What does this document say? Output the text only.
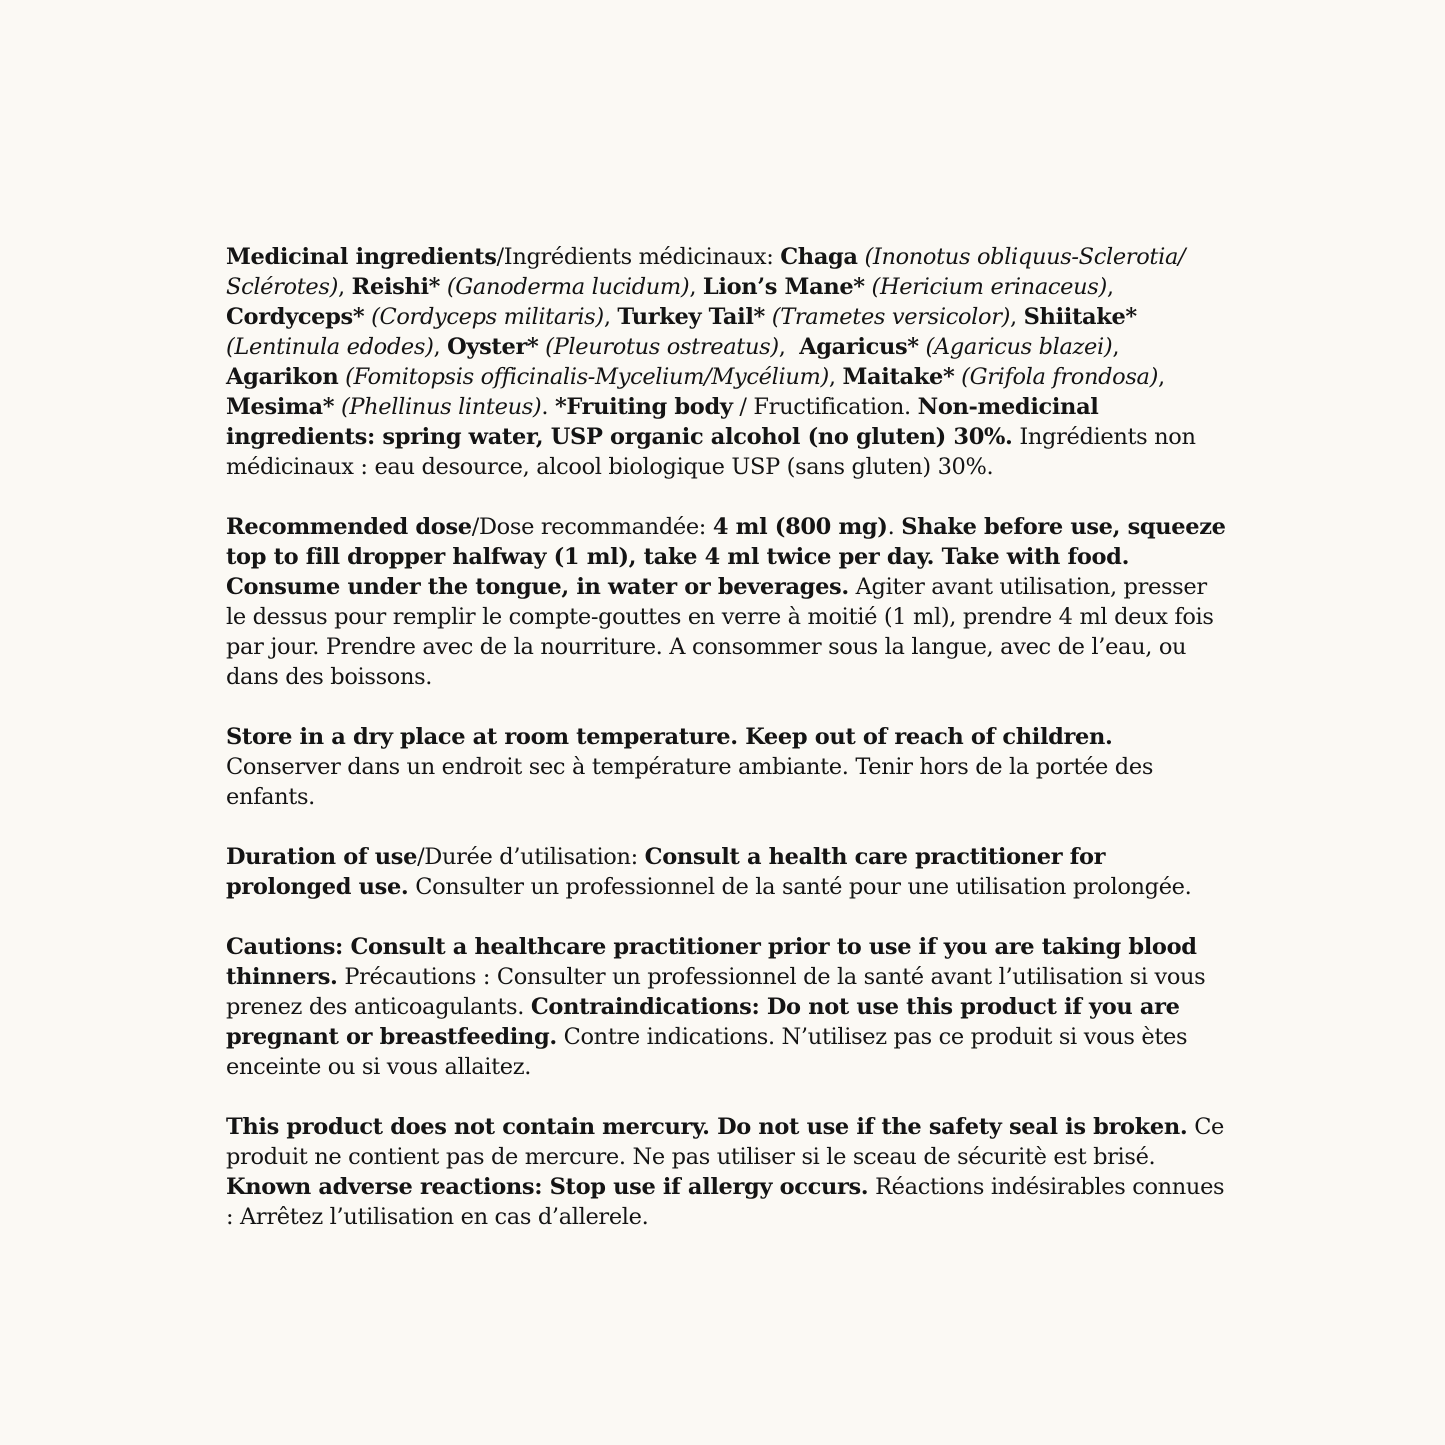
Medicinal ingredients/Ingrédients médicinaux: Chaga (Inonotus obliquus-Sclerotia/ Sclérotes), Reishi* (Ganoderma lucidum), Lion’s Mane* (Hericium erinaceus), Cordyceps* (Cordyceps militaris), Turkey Tail* (Trametes versicolor), Shiitake* (Lentinula edodes), Oyster* (Pleurotus ostreatus),  Agaricus* (Agaricus blazei), Agarikon (Fomitopsis officinalis-Mycelium/Mycélium), Maitake* (Grifola frondosa), Mesima* (Phellinus linteus). *Fruiting body / Fructification. Non-medicinal ingredients: spring water, USP organic alcohol (no gluten) 30%. Ingrédients non médicinaux : eau desource, alcool biologique USP (sans gluten) 30%.

Recommended dose/Dose recommandée: 4 ml (800 mg). Shake before use, squeeze top to fill dropper halfway (1 ml), take 4 ml twice per day. Take with food. Consume under the tongue, in water or beverages. Agiter avant utilisation, presser le dessus pour remplir le compte-gouttes en verre à moitié (1 ml), prendre 4 ml deux fois par jour. Prendre avec de la nourriture. A consommer sous la langue, avec de l’eau, ou dans des boissons.

Store in a dry place at room temperature. Keep out of reach of children. Conserver dans un endroit sec à température ambiante. Tenir hors de la portée des enfants.

Duration of use/Durée d’utilisation: Consult a health care practitioner for prolonged use. Consulter un professionnel de la santé pour une utilisation prolongée.

Cautions: Consult a healthcare practitioner prior to use if you are taking blood thinners. Précautions : Consulter un professionnel de la santé avant l’utilisation si vous prenez des anticoagulants. Contraindications: Do not use this product if you are pregnant or breastfeeding. Contre indications. N’utilisez pas ce produit si vous ètes enceinte ou si vous allaitez.

This product does not contain mercury. Do not use if the safety seal is broken. Ce produit ne contient pas de mercure. Ne pas utiliser si le sceau de sécuritè est brisé. Known adverse reactions: Stop use if allergy occurs. Réactions indésirables connues : Arrêtez l’utilisation en cas d’allerele.
